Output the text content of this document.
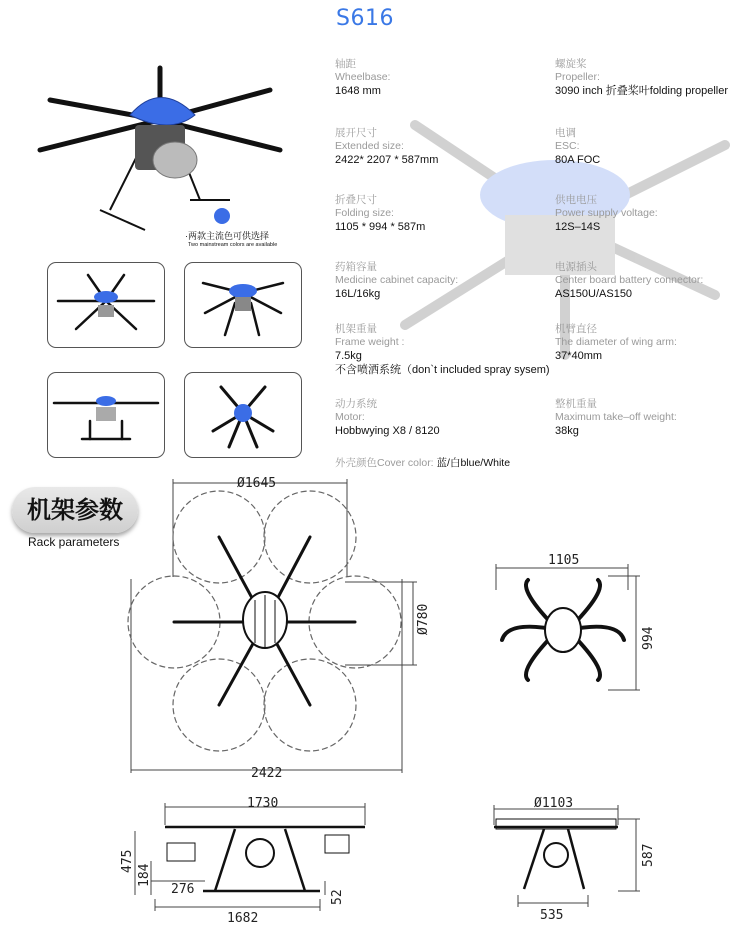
S616
轴距
Wheelbase:
1648 mm
展开尺寸
Extended size:
2422* 2207 * 587mm
折叠尺寸
Folding size:
1105 * 994 * 587m
药箱容量
Medicine cabinet capacity:
16L/16kg
机架重量
Frame weight :
7.5kg
不含喷洒系统（don`t included spray sysem)
动力系统
Motor:
Hobbwying X8 / 8120
螺旋桨
Propeller:
3090 inch 折叠桨叶folding propeller
电调
ESC:
80A FOC
供电电压
Power supply voltage:
12S–14S
电源插头
Center board battery connector:
AS150U/AS150
机臂直径
The diameter of wing arm:
37*40mm
整机重量
Maximum take–off weight:
38kg
外壳颜色Cover color: 蓝/白blue/White
·两款主流色可供选择
Two mainstream colors are available
机架参数
Rack parameters
Ø1645
2422
Ø780
1105
994
1730
475
184
276	52
1682
Ø1103
587
535
